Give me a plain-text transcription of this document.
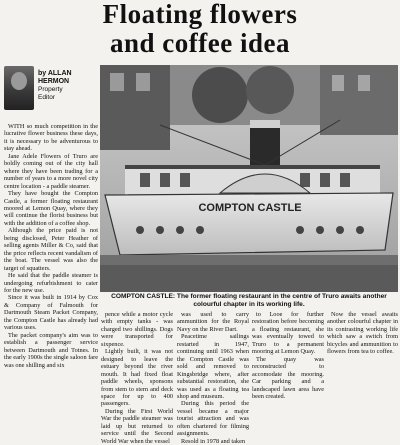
Floating flowers
and coffee idea
by ALLAN
HERMON
Property
Editor
COMPTON CASTLE
COMPTON CASTLE: The former floating restaurant in the centre of Truro awaits another colourful chapter in its working life.

WITH so much competition in the lucrative flower business these days, it is necessary to be adventurous to stay ahead.

Jane Adele Flowers of Truro are boldly coming out of the city hall where they have been trading for a number of years to a more novel city centre location - a paddle steamer.

They have bought the Compton Castle, a former floating restaurant moored at Lemon Quay, where they will continue the florist business but with the addition of a coffee shop.

Although the price paid is not being disclosed, Peter Heather of selling agents Miller & Co, said that the price reflects recent vandalism of the boat. The vessel was also the target of squatters.

He said that the paddle steamer is undergoing refurbishment to cater for the new use.

Since it was built in 1914 by Cox & Company of Falmouth for Dartmouth Steam Packet Company, the Compton Castle has already had various uses.

The packet company's aim was to establish a passenger service between Dartmouth and Totnes. In the early 1900s the single saloon fare was one shilling and six

pence while a motor cycle with empty tanks - was charged two shillings. Dogs were transported for sixpence.

Lightly built, it was not designed to leave the estuary beyond the river mouth. It had fixed float paddle wheels, sponsons from stem to stern and deck space for up to 400 passengers.

During the First World War the paddle steamer was laid up but returned to service until the Second World War when the vessel

was used to carry ammunition for the Royal Navy on the River Dart.

Peacetime sailings restarted in 1947, continuing until 1963 when the Compton Castle was sold and removed to Kingsbridge where, after substantial restoration, she was used as a floating tea shop and museum.

During this period the vessel became a major tourist attraction and was often chartered for filming assignments.

Resold in 1978 and taken

to Looe for further restoration before becoming a floating restaurant, she was eventually towed to Truro to a permanent mooring at Lemon Quay.

The quay was reconstructed to accomodate the mooring. Car parking and a landscaped lawn area have been created.

Now the vessel awaits another colourful chapter in its contrasting working life which saw a switch from bicycles and ammunition to flowers from tea to coffee.
